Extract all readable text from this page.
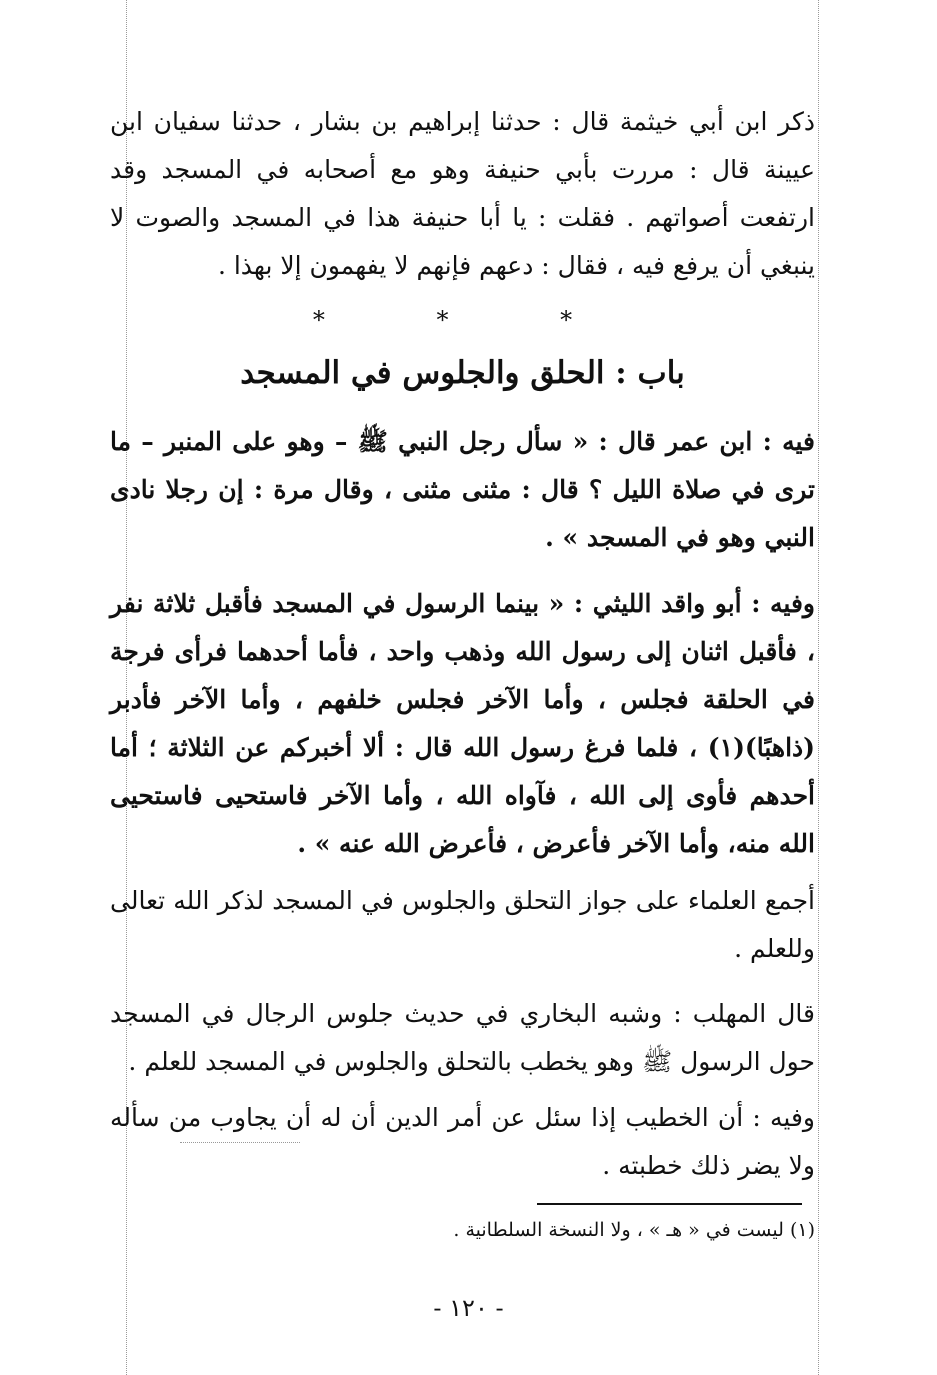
ذكر ابن أبي خيثمة قال : حدثنا إبراهيم بن بشار ، حدثنا سفيان ابن عيينة قال : مررت بأبي حنيفة وهو مع أصحابه في المسجد وقد ارتفعت أصواتهم . فقلت : يا أبا حنيفة هذا في المسجد والصوت لا ينبغي أن يرفع فيه ، فقال : دعهم فإنهم لا يفهمون إلا بهذا .

* * *
باب : الحلق والجلوس في المسجد

فيه : ابن عمر قال : « سأل رجل النبي ﷺ – وهو على المنبر – ما ترى في صلاة الليل ؟ قال : مثنى مثنى ، وقال مرة : إن رجلا نادى النبي وهو في المسجد » .

وفيه : أبو واقد الليثي : « بينما الرسول في المسجد فأقبل ثلاثة نفر ، فأقبل اثنان إلى رسول الله وذهب واحد ، فأما أحدهما فرأى فرجة في الحلقة فجلس ، وأما الآخر فجلس خلفهم ، وأما الآخر فأدبر (ذاهبًا)(١) ، فلما فرغ رسول الله قال : ألا أخبركم عن الثلاثة ؛ أما أحدهم فأوى إلى الله ، فآواه الله ، وأما الآخر فاستحيى فاستحيى الله منه، وأما الآخر فأعرض ، فأعرض الله عنه » .

أجمع العلماء على جواز التحلق والجلوس في المسجد لذكر الله تعالى وللعلم .

قال المهلب : وشبه البخاري في حديث جلوس الرجال في المسجد حول الرسول ﷺ وهو يخطب بالتحلق والجلوس في المسجد للعلم .

وفيه : أن الخطيب إذا سئل عن أمر الدين أن له أن يجاوب من سأله ولا يضر ذلك خطبته .

(١) ليست في « هـ » ، ولا النسخة السلطانية .
- ١٢٠ -
